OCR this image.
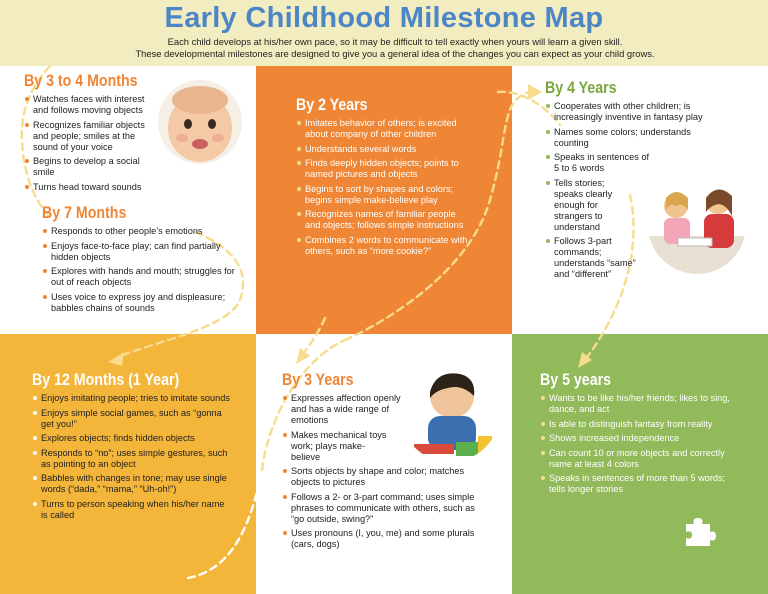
Early Childhood Milestone Map
Each child develops at his/her own pace, so it may be difficult to tell exactly when yours will learn a given skill.
These developmental milestones are designed to give you a general idea of the changes you can expect as your child grows.
By 3 to 4 Months
Watches faces with interest and follows moving objects
Recognizes familiar objects and people; smiles at the sound of your voice
Begins to develop a social smile
Turns head toward sounds
By 7 Months
Responds to other people’s emotions
Enjoys face-to-face play; can find partially hidden objects
Explores with hands and mouth; struggles for out of reach objects
Uses voice to express joy and displeasure; babbles chains of sounds
By 2 Years
Imitates behavior of others; is excited about company of other children
Understands several words
Finds deeply hidden objects; points to named pictures and objects
Begins to sort by shapes and colors; begins simple make-believe play
Recognizes names of familiar people and objects; follows simple instructions
Combines 2 words to communicate with others, such as “more cookie?”
By 4 Years
Cooperates with other children; is increasingly inventive in fantasy play
Names some colors; understands counting
Speaks in sentences of 5 to 6 words
Tells stories; speaks clearly enough for strangers to understand
Follows 3-part commands; understands “same” and “different”
By 12 Months (1 Year)
Enjoys imitating people; tries to imitate sounds
Enjoys simple social games, such as “gonna get you!”
Explores objects; finds hidden objects
Responds to “no”; uses simple gestures, such as pointing to an object
Babbles with changes in tone; may use single words (“dada,” “mama,” “Uh-oh!”)
Turns to person speaking when his/her name is called
By 3 Years
Expresses affection openly and has a wide range of emotions
Makes mechanical toys work; plays make-believe
Sorts objects by shape and color; matches objects to pictures
Follows a 2- or 3-part command; uses simple phrases to communicate with others, such as “go outside, swing?”
Uses pronouns (I, you, me) and some plurals (cars, dogs)
By 5 years
Wants to be like his/her friends; likes to sing, dance, and act
Is able to distinguish fantasy from reality
Shows increased independence
Can count 10 or more objects and correctly name at least 4 colors
Speaks in sentences of more than 5 words; tells longer stories
